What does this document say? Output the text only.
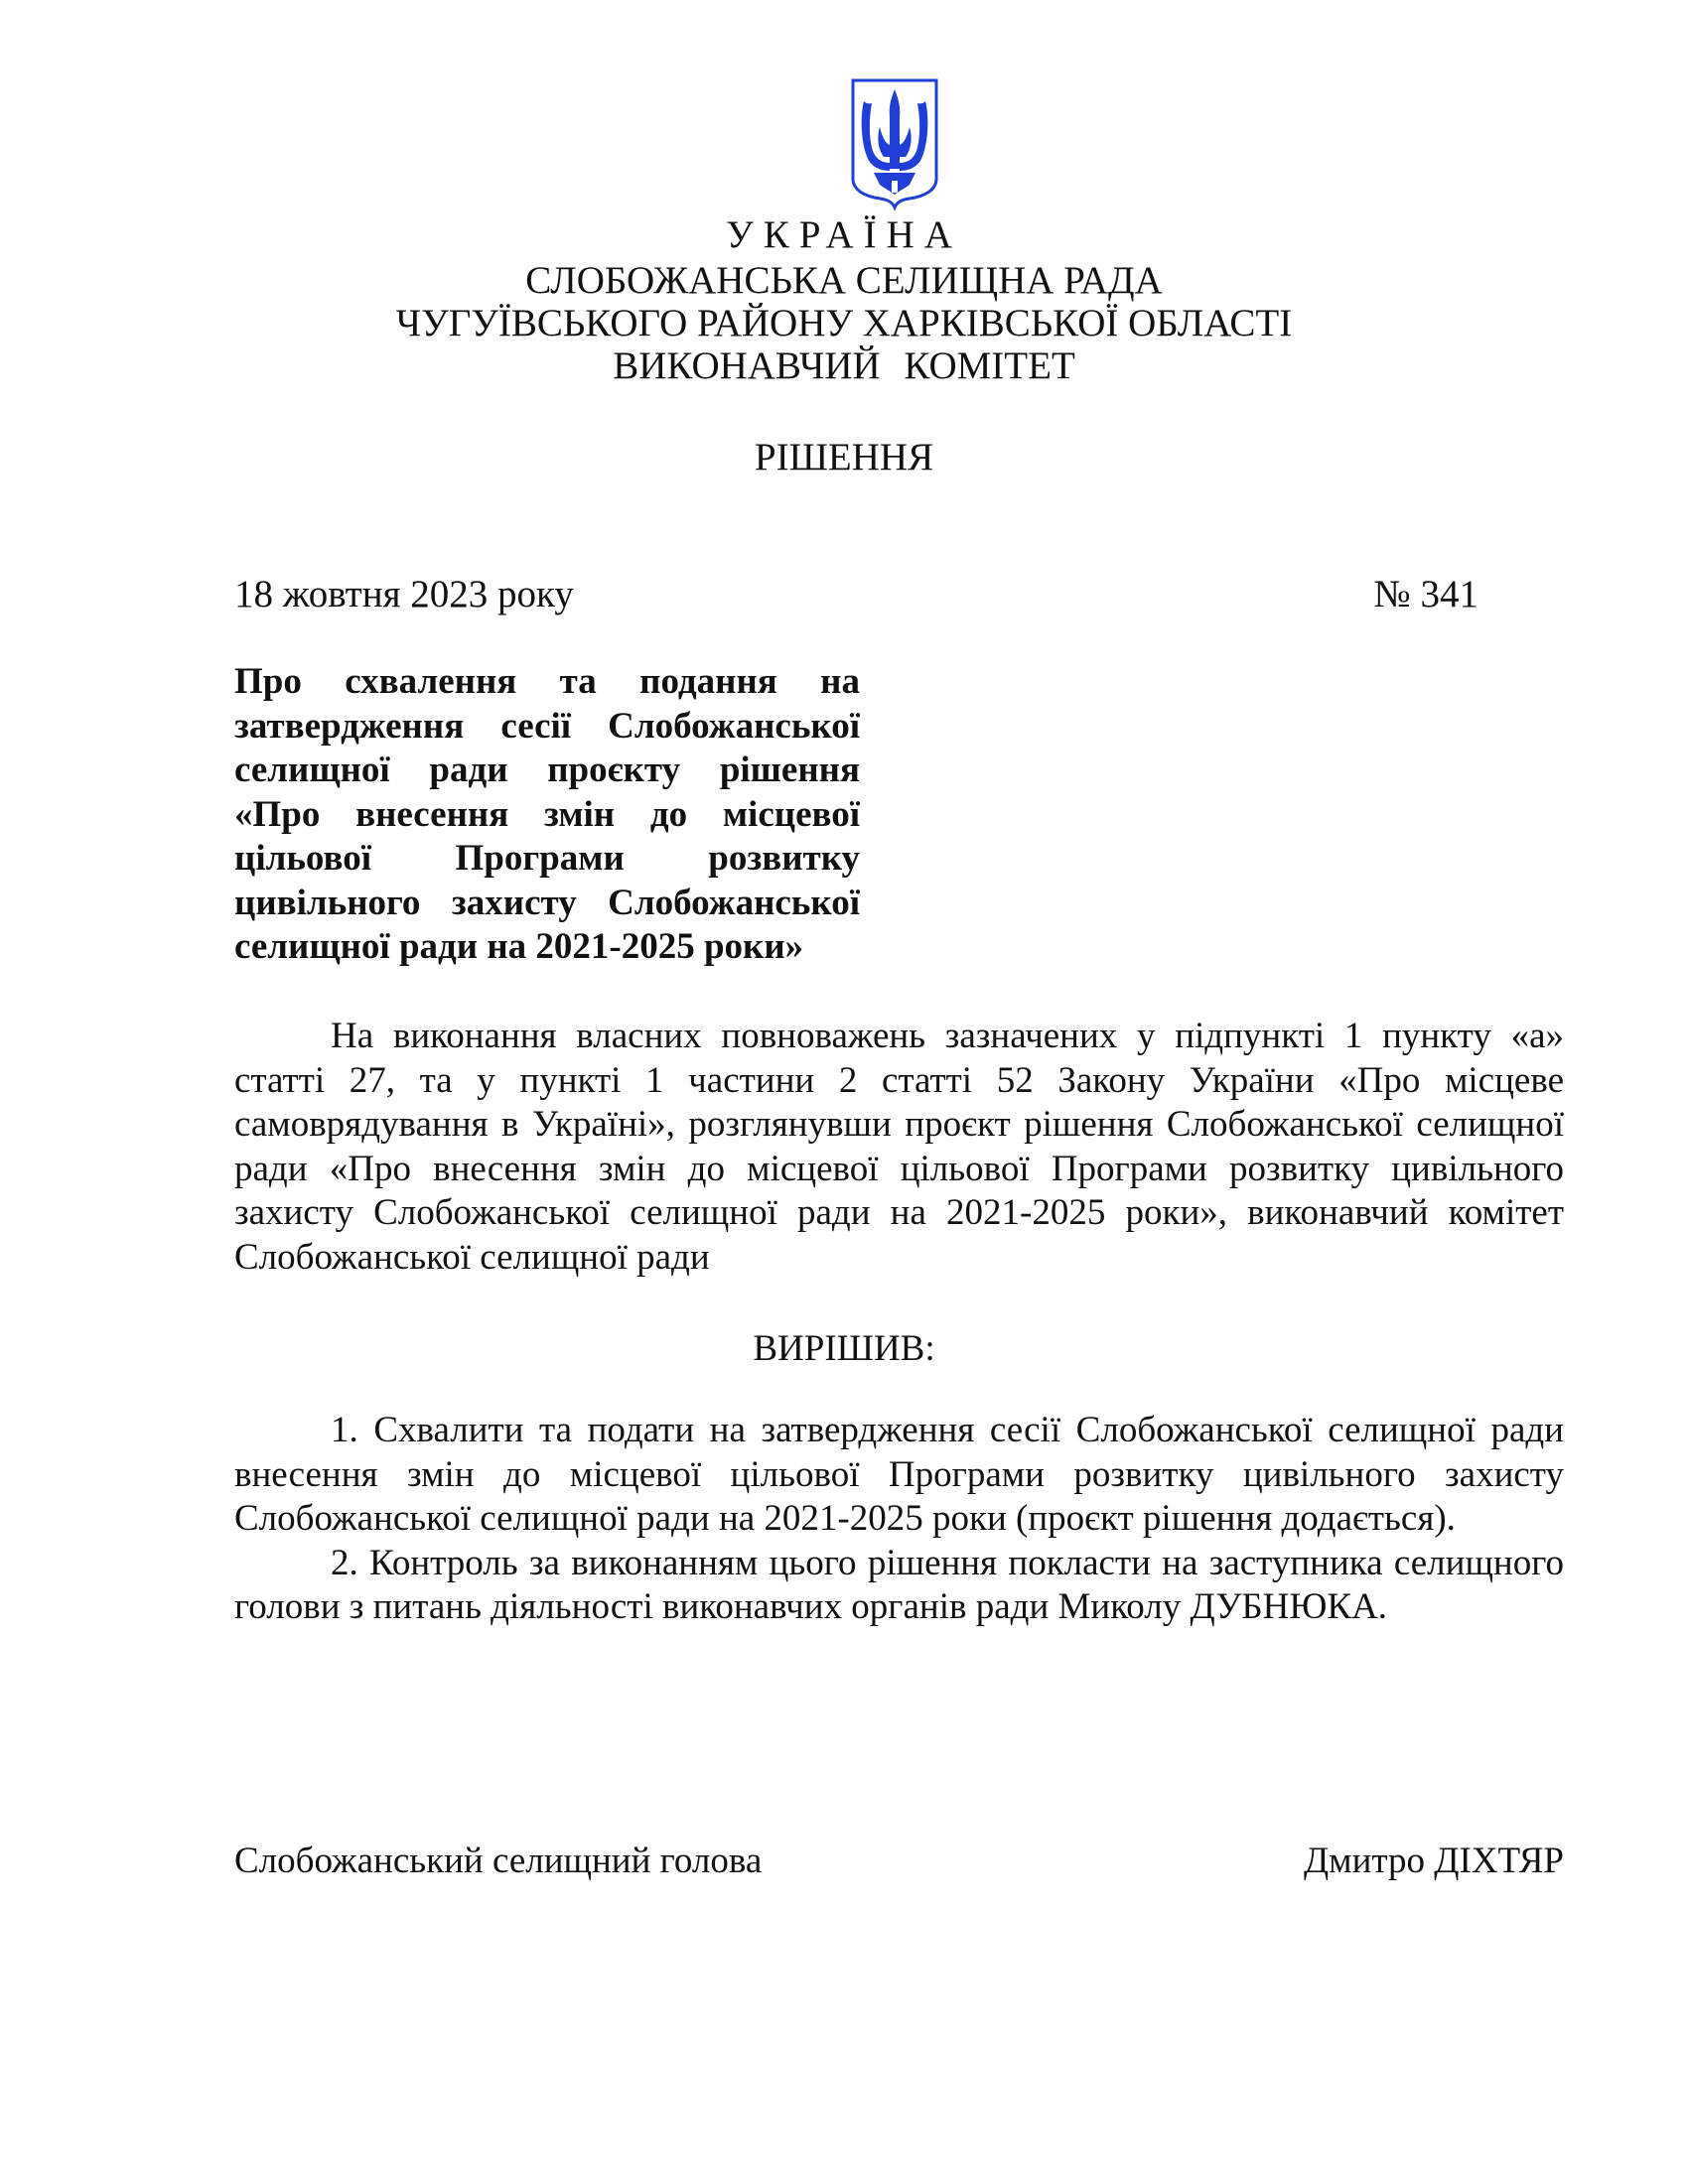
УКРАЇНА
СЛОБОЖАНСЬКА СЕЛИЩНА РАДА
ЧУГУЇВСЬКОГО РАЙОНУ ХАРКІВСЬКОЇ ОБЛАСТІ
ВИКОНАВЧИЙ КОМІТЕТ
РІШЕННЯ
18 жовтня 2023 року	№ 341
Про схвалення та подання на затвердження сесії Слобожанської селищної ради проєкту рішення «Про внесення змін до місцевої цільової Програми розвитку цивільного захисту Слобожанської селищної ради на 2021-2025 роки»
На виконання власних повноважень зазначених у підпункті 1 пункту «а» статті 27, та у пункті 1 частини 2 статті 52 Закону України «Про місцеве самоврядування в Україні», розглянувши проєкт рішення Слобожанської селищної ради «Про внесення змін до місцевої цільової Програми розвитку цивільного захисту Слобожанської селищної ради на 2021-2025 роки», виконавчий комітет Слобожанської селищної ради
ВИРІШИВ:

1. Схвалити та подати на затвердження сесії Слобожанської селищної ради внесення змін до місцевої цільової Програми розвитку цивільного захисту Слобожанської селищної ради на 2021-2025 роки (проєкт рішення додається).

2. Контроль за виконанням цього рішення покласти на заступника селищного голови з питань діяльності виконавчих органів ради Миколу ДУБНЮКА.

Слобожанський селищний голова	Дмитро ДІХТЯР
